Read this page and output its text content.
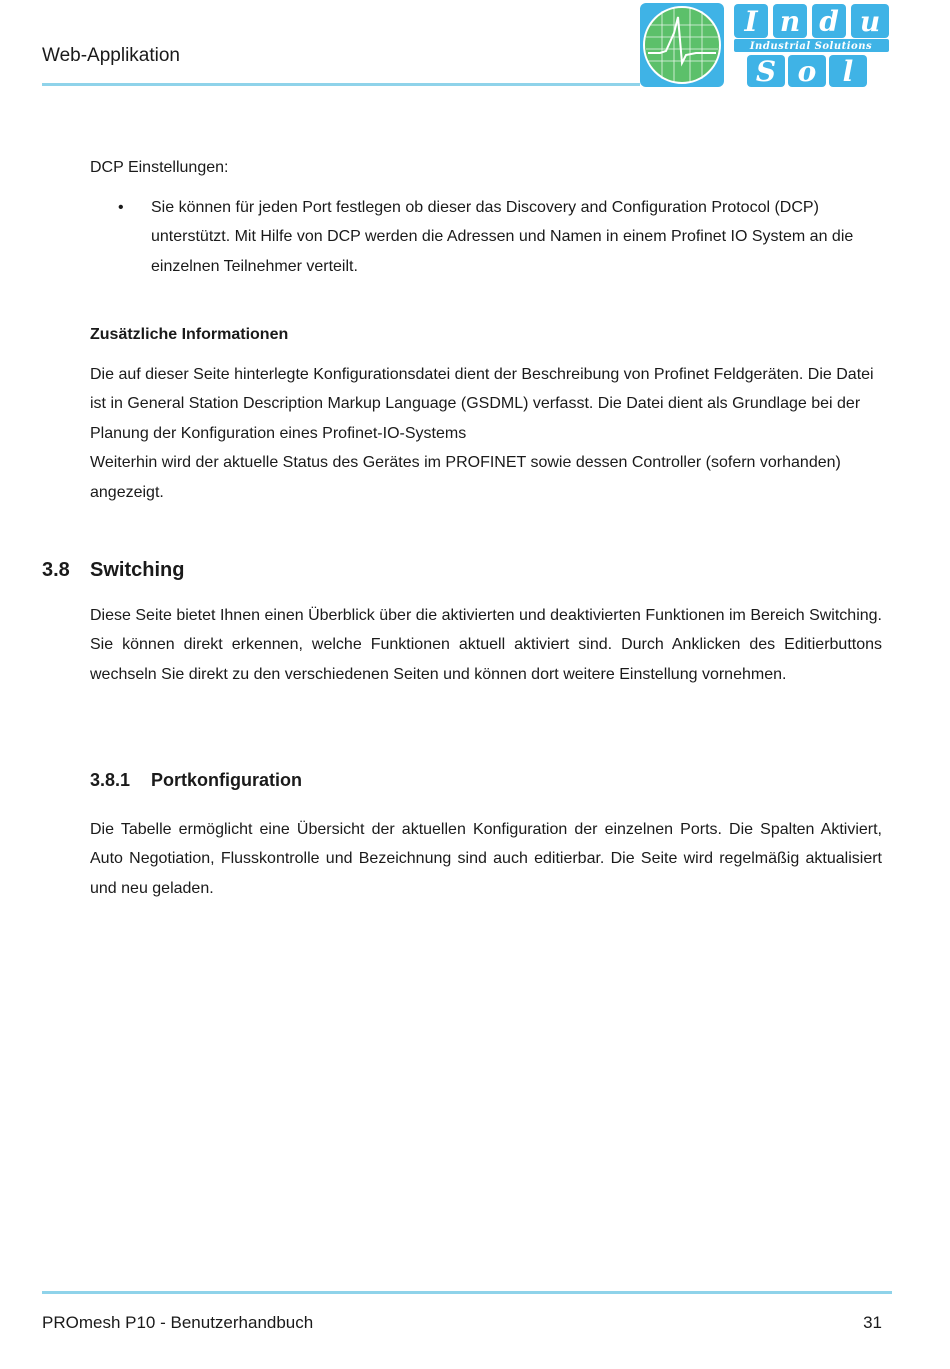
Web-Applikation
I n d u
S o l
Industrial Solutions
DCP Einstellungen:
• Sie können für jeden Port festlegen ob dieser das Discovery and Configuration Protocol (DCP) unterstützt. Mit Hilfe von DCP werden die Adressen und Namen in einem Profinet IO System an die einzelnen Teilnehmer verteilt.
Zusätzliche Informationen

Die auf dieser Seite hinterlegte Konfigurationsdatei dient der Beschreibung von Profinet Feldgeräten. Die Datei ist in General Station Description Markup Language (GSDML) verfasst. Die Datei dient als Grundlage bei der Planung der Konfiguration eines Profinet-IO-Systems

Weiterhin wird der aktuelle Status des Gerätes im PROFINET sowie dessen Controller (sofern vorhanden) angezeigt.

3.8 Switching
Diese Seite bietet Ihnen einen Überblick über die aktivierten und deaktivierten Funktionen im Bereich Switching. Sie können direkt erkennen, welche Funktionen aktuell aktiviert sind. Durch Anklicken des Editierbuttons wechseln Sie direkt zu den verschiedenen Seiten und können dort weitere Einstellung vornehmen.
3.8.1 Portkonfiguration
Die Tabelle ermöglicht eine Übersicht der aktuellen Konfiguration der einzelnen Ports. Die Spalten Aktiviert, Auto Negotiation, Flusskontrolle und Bezeichnung sind auch editierbar. Die Seite wird regelmäßig aktualisiert und neu geladen.
PROmesh P10 - Benutzerhandbuch	31
